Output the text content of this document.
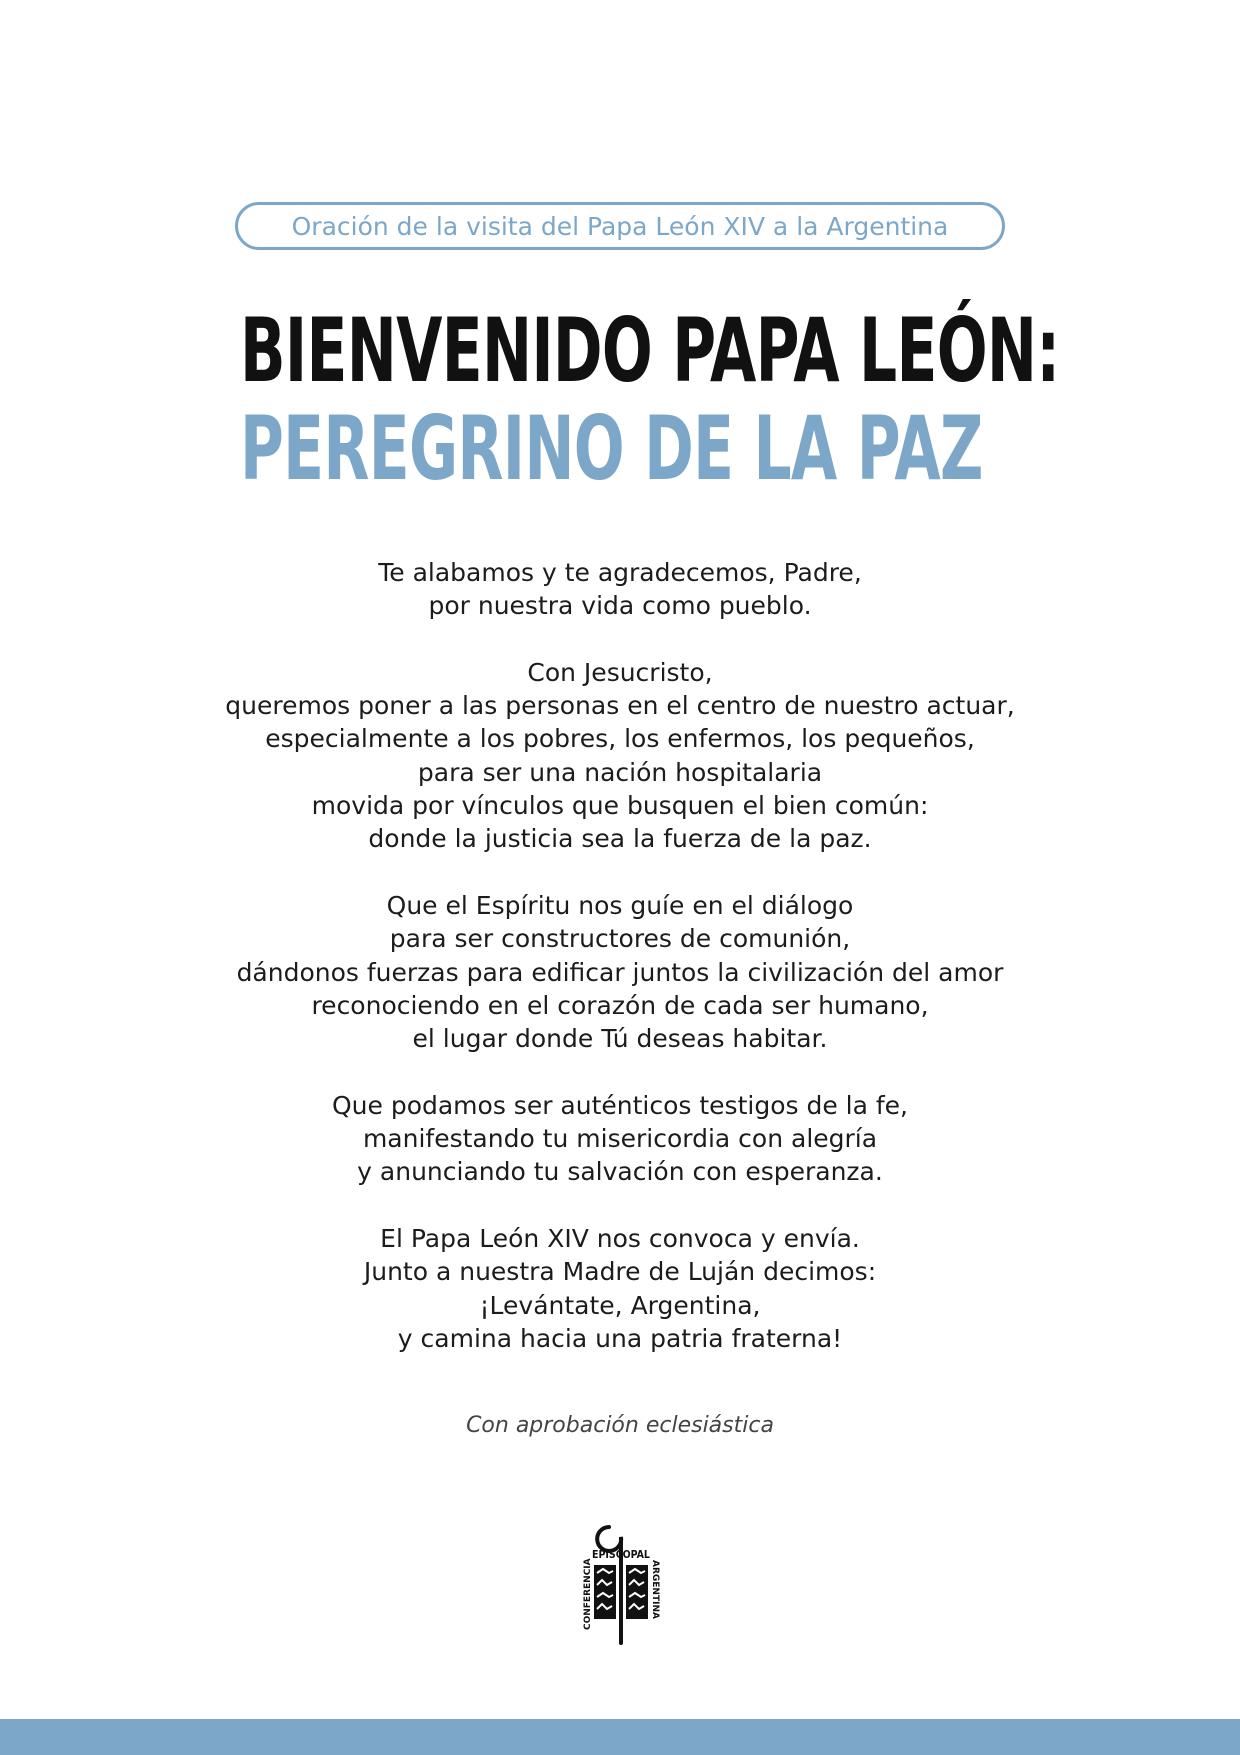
Oración de la visita del Papa León XIV a la Argentina
BIENVENIDO PAPA LEÓN:
PEREGRINO DE LA PAZ

Te alabamos y te agradecemos, Padre,
por nuestra vida como pueblo.

Con Jesucristo,
queremos poner a las personas en el centro de nuestro actuar,
especialmente a los pobres, los enfermos, los pequeños,
para ser una nación hospitalaria
movida por vínculos que busquen el bien común:
donde la justicia sea la fuerza de la paz.

Que el Espíritu nos guíe en el diálogo
para ser constructores de comunión,
dándonos fuerzas para edificar juntos la civilización del amor
reconociendo en el corazón de cada ser humano,
el lugar donde Tú deseas habitar.

Que podamos ser auténticos testigos de la fe,
manifestando tu misericordia con alegría
y anunciando tu salvación con esperanza.

El Papa León XIV nos convoca y envía.
Junto a nuestra Madre de Luján decimos:
¡Levántate, Argentina,
y camina hacia una patria fraterna!

Con aprobación eclesiástica
EPISCOPAL
CONFERENCIA	ARGENTINA
